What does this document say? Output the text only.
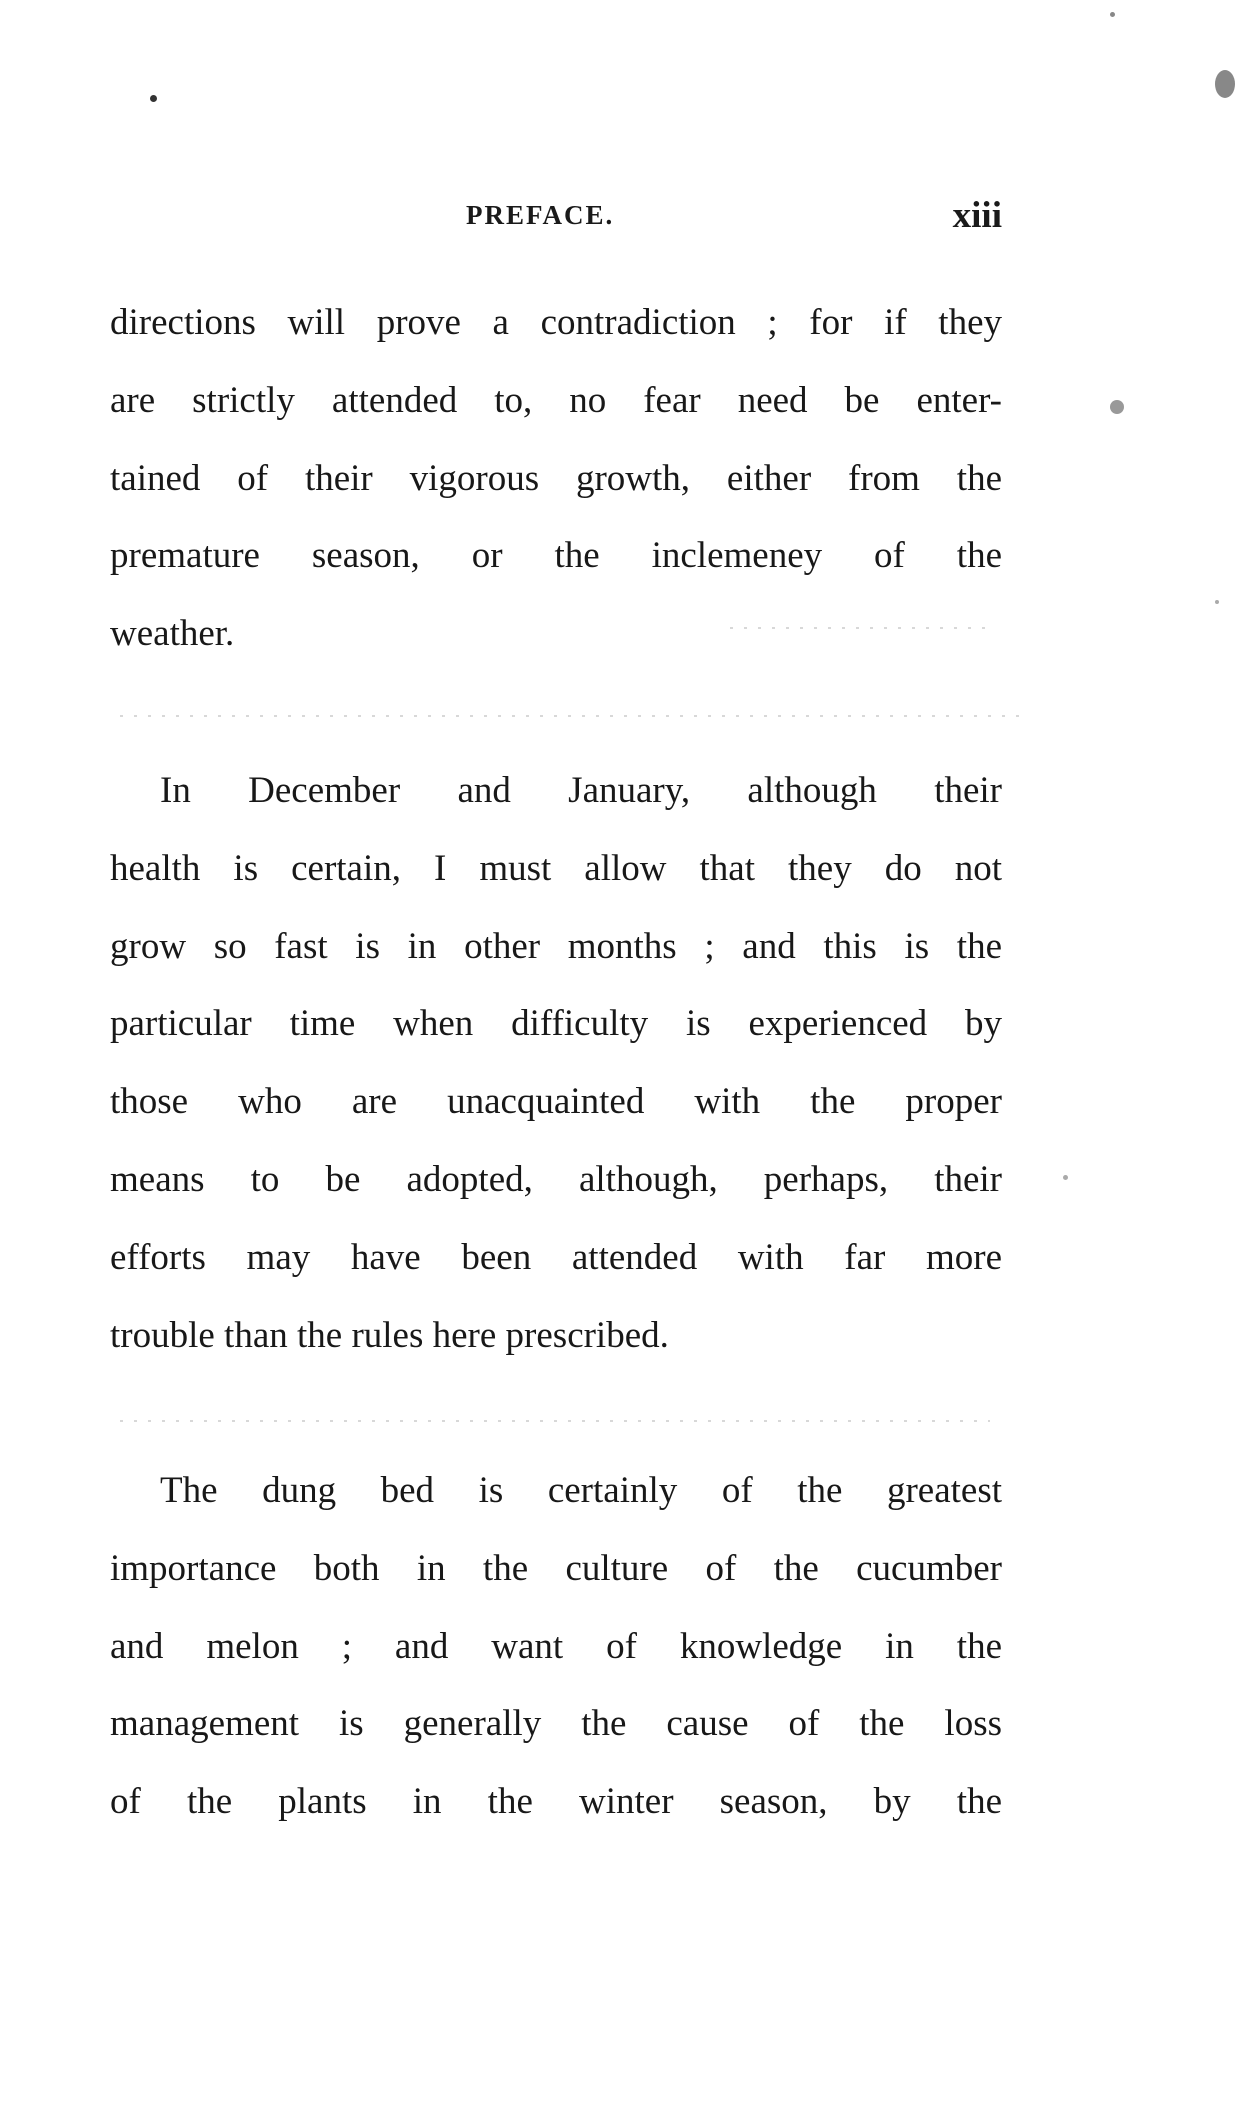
PREFACE.	xiii
directions will prove a contradiction ; for if they
are strictly attended to, no fear need be enter-
tained of their vigorous growth, either from the
premature season, or the inclemeney of the
weather.
In December and January, although their
health is certain, I must allow that they do not
grow so fast is in other months ; and this is the
particular time when difficulty is experienced by
those who are unacquainted with the proper
means to be adopted, although, perhaps, their
efforts may have been attended with far more
trouble than the rules here prescribed.
The dung bed is certainly of the greatest
importance both in the culture of the cucumber
and melon ; and want of knowledge in the
management is generally the cause of the loss
of the plants in the winter season, by the
